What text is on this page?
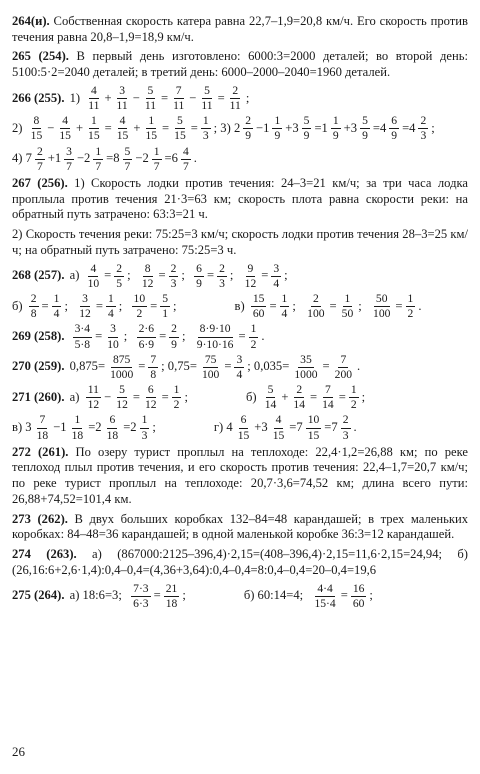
264(и). Собственная скорость катера равна 22,7–1,9=20,8 км/ч. Его скорость против течения равна 20,8–1,9=18,9 км/ч.
265 (254). В первый день изготовлено: 6000:3=2000 деталей; во второй день: 5100:5·2=2040 деталей; в третий день: 6000–2000–2040=1960 деталей.
266 (255). $1) \frac{4}{11} + \frac{3}{11} - \frac{5}{11} = \frac{7}{11} - \frac{5}{11} = \frac{2}{11}$ ;
$2) \frac{8}{15} - \frac{4}{15} + \frac{1}{15} = \frac{4}{15} + \frac{1}{15} = \frac{5}{15} = \frac{1}{3}$ ; 3) $2 \frac{2}{9} -1 \frac{1}{9} +3 \frac{5}{9} =1 \frac{1}{9} +3 \frac{5}{9} =4 \frac{6}{9} =4 \frac{2}{3}$ ;
4) $7 \frac{2}{7} +1 \frac{3}{7} -2 \frac{1}{7} =8 \frac{5}{7} -2 \frac{1}{7} =6 \frac{4}{7}$ .
267 (256). 1) Скорость лодки против течения: 24–3=21 км/ч; за три часа лодка проплыла против течения 21·3=63 км; скорость плота равна скорости реки: на обратный путь затрачено: 63:3=21 ч.
2) Скорость течения реки: 75:25=3 км/ч; скорость лодки против течения 28–3=25 км/ч; на обратный путь затрачено: 75:25=3 ч.
268 (257). $а) \frac{4}{10} = \frac{2}{5}$ ; $\frac{8}{12} = \frac{2}{3}$ ; $\frac{6}{9} = \frac{2}{3}$ ; $\frac{9}{12} = \frac{3}{4}$ ;
$б) \frac{2}{8} = \frac{1}{4}$ ; $\frac{3}{12} = \frac{1}{4}$ ; $\frac{10}{2} = \frac{5}{1}$ ;	$в) \frac{15}{60} = \frac{1}{4}$ ; $\frac{2}{100} = \frac{1}{50}$ ; $\frac{50}{100} = \frac{1}{2}$ .
269 (258).
$\frac{3\cdot 4}{5\cdot 8} = \frac{3}{10}$ ; $\frac{2\cdot 6}{6\cdot 9} = \frac{2}{9}$ ; $\frac{8\cdot 9\cdot 10}{9\cdot 10\cdot 16} = \frac{1}{2}$ .
270 (259). $0,875= \frac{875}{1000} = \frac{7}{8}$ ; $0,75= \frac{75}{100} = \frac{3}{4}$ ; $0,035= \frac{35}{1000} = \frac{7}{200}$ .
271 (260). $а) \frac{11}{12} - \frac{5}{12} = \frac{6}{12} = \frac{1}{2}$ ;	$б) \frac{5}{14} + \frac{2}{14} = \frac{7}{14} = \frac{1}{2}$ ;
в) $3 \frac{7}{18} -1 \frac{1}{18} =2 \frac{6}{18} =2 \frac{1}{3}$ ;	г) $4 \frac{6}{15} +3 \frac{4}{15} =7 \frac{10}{15} =7 \frac{2}{3}$ .
272 (261). По озеру турист проплыл на теплоходе: 22,4·1,2=26,88 км; по реке теплоход плыл против течения, и его скорость против течения: 22,4–1,7=20,7 км/ч; по реке турист проплыл на теплоходе: 20,7·3,6=74,52 км; длина всего пути: 26,88+74,52=101,4 км.
273 (262). В двух больших коробках 132–84=48 карандашей; в трех маленьких коробках: 84–48=36 карандашей; в одной маленькой коробке 36:3=12 карандашей.
274 (263). а) (867000:2125–396,4)·2,15=(408–396,4)·2,15=11,6·2,15=24,94; б) (26,16:6+2,6·1,4):0,4–0,4=(4,36+3,64):0,4–0,4=8:0,4–0,4=20–0,4=19,6
275 (264). а) 18:6=3; $\frac{7\cdot 3}{6\cdot 3} = \frac{21}{18}$ ;	б) 60:14=4; $\frac{4\cdot 4}{15\cdot 4} = \frac{16}{60}$ ;
26
